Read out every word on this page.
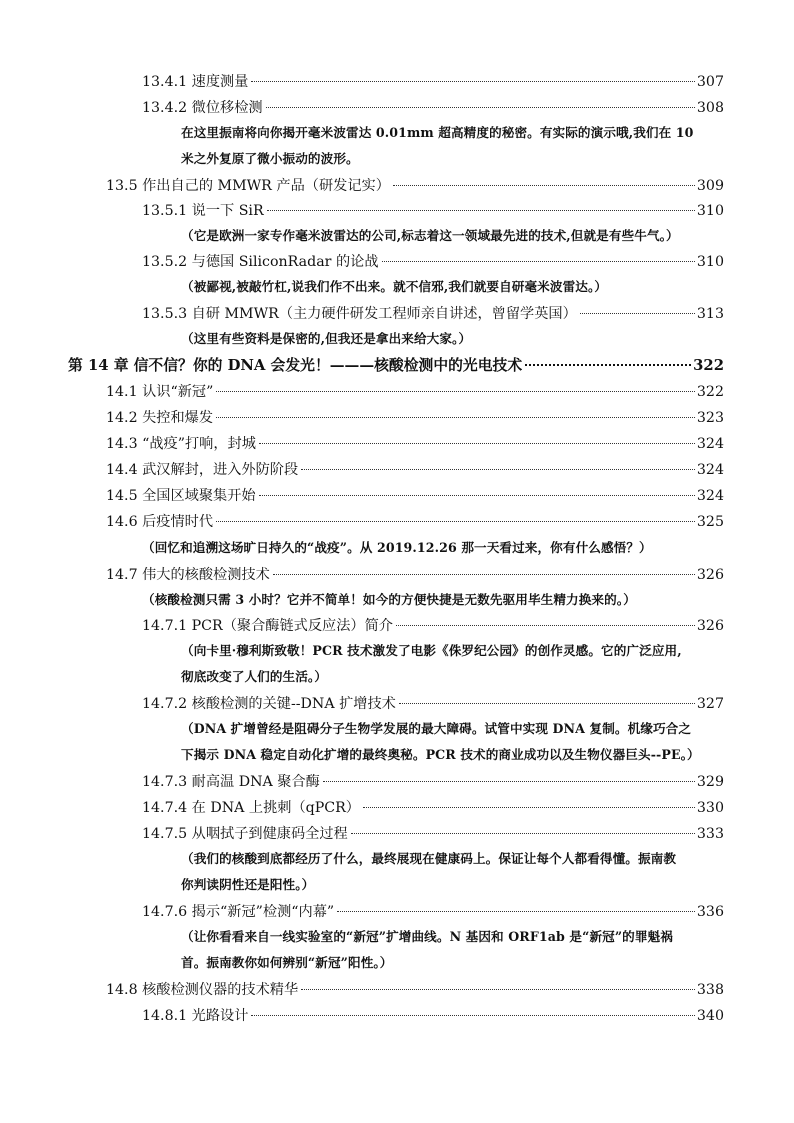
13.4.1 速度测量	307
13.4.2 微位移检测	308
在这里振南将向你揭开毫米波雷达 0.01mm 超高精度的秘密。有实际的演示哦,我们在 10
米之外复原了微小振动的波形。
13.5 作出自己的 MMWR 产品（研发记实）	309
13.5.1 说一下 SiR	310
（它是欧洲一家专作毫米波雷达的公司,标志着这一领域最先进的技术,但就是有些牛气。）
13.5.2 与德国 SiliconRadar 的论战	310
（被鄙视,被敲竹杠,说我们作不出来。就不信邪,我们就要自研毫米波雷达。）
13.5.3 自研 MMWR（主力硬件研发工程师亲自讲述，曾留学英国）	313
（这里有些资料是保密的,但我还是拿出来给大家。）
第 14 章 信不信？你的 DNA 会发光！———核酸检测中的光电技术	322
14.1 认识“新冠”	322
14.2 失控和爆发	323
14.3 “战疫”打响，封城	324
14.4 武汉解封，进入外防阶段	324
14.5 全国区域聚集开始	324
14.6 后疫情时代	325
（回忆和追溯这场旷日持久的“战疫”。从 2019.12.26 那一天看过来，你有什么感悟？）
14.7 伟大的核酸检测技术	326
（核酸检测只需 3 小时？它并不简单！如今的方便快捷是无数先驱用毕生精力换来的。）
14.7.1 PCR（聚合酶链式反应法）简介	326
（向卡里·穆利斯致敬！PCR 技术激发了电影《侏罗纪公园》的创作灵感。它的广泛应用,
彻底改变了人们的生活。）
14.7.2 核酸检测的关键--DNA 扩增技术	327
（DNA 扩增曾经是阻碍分子生物学发展的最大障碍。试管中实现 DNA 复制。机缘巧合之
下揭示 DNA 稳定自动化扩增的最终奥秘。PCR 技术的商业成功以及生物仪器巨头--PE。）
14.7.3 耐高温 DNA 聚合酶	329
14.7.4 在 DNA 上挑刺（qPCR）	330
14.7.5 从咽拭子到健康码全过程	333
（我们的核酸到底都经历了什么，最终展现在健康码上。保证让每个人都看得懂。振南教
你判读阴性还是阳性。）
14.7.6 揭示“新冠”检测“内幕”	336
（让你看看来自一线实验室的“新冠”扩增曲线。N 基因和 ORF1ab 是“新冠”的罪魁祸
首。振南教你如何辨别“新冠”阳性。）
14.8 核酸检测仪器的技术精华	338
14.8.1 光路设计	340
